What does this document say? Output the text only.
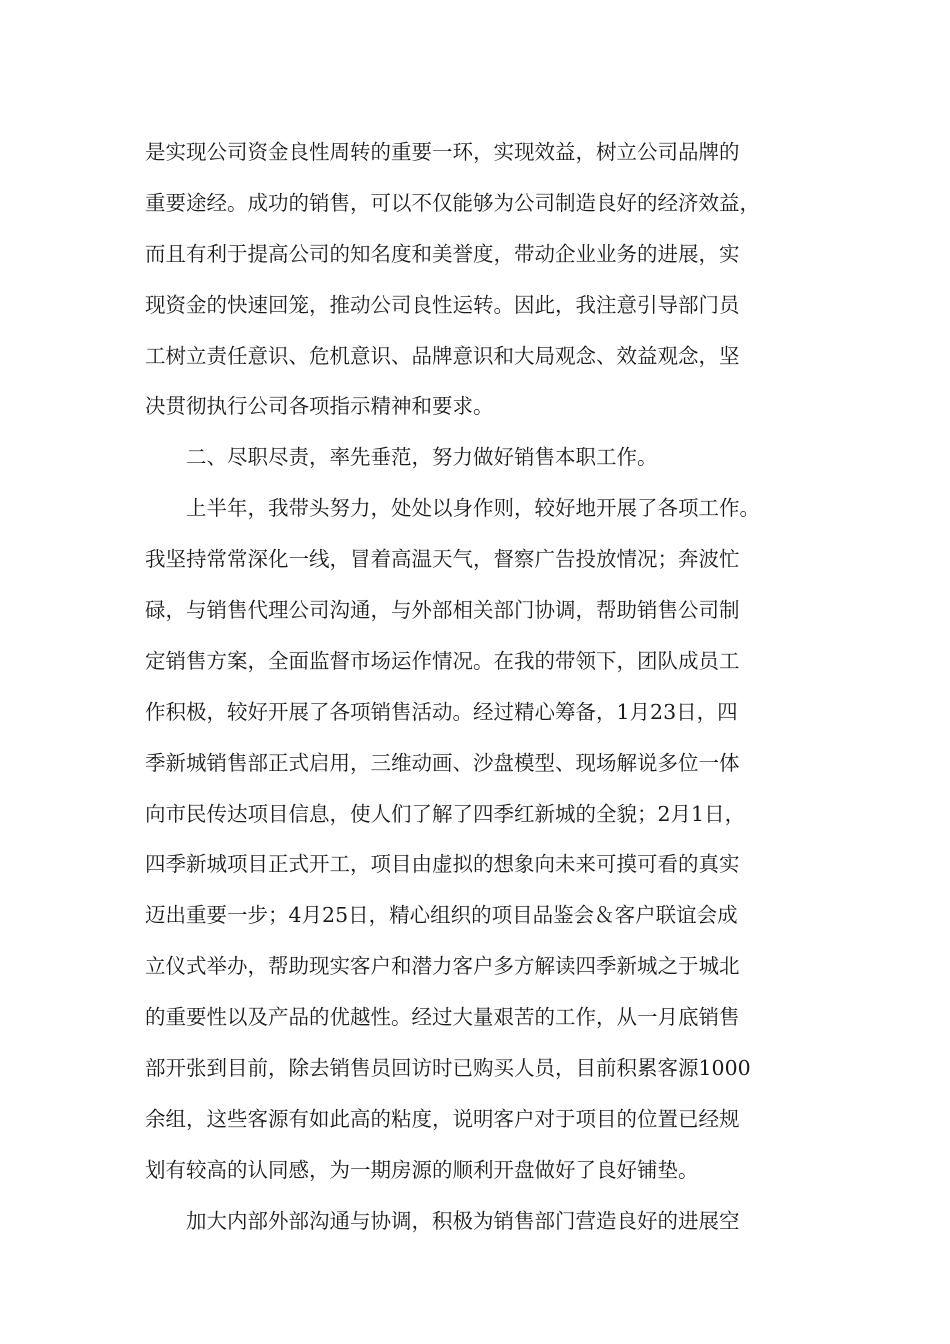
是实现公司资金良性周转的重要一环，实现效益，树立公司品牌的
重要途经。成功的销售，可以不仅能够为公司制造良好的经济效益，
而且有利于提高公司的知名度和美誉度，带动企业业务的进展，实
现资金的快速回笼，推动公司良性运转。因此，我注意引导部门员
工树立责任意识、危机意识、品牌意识和大局观念、效益观念，坚
决贯彻执行公司各项指示精神和要求。
二、尽职尽责，率先垂范，努力做好销售本职工作。
上半年，我带头努力，处处以身作则，较好地开展了各项工作。
我坚持常常深化一线，冒着高温天气，督察广告投放情况；奔波忙
碌，与销售代理公司沟通，与外部相关部门协调，帮助销售公司制
定销售方案，全面监督市场运作情况。在我的带领下，团队成员工
作积极，较好开展了各项销售活动。经过精心筹备，1月23日，四
季新城销售部正式启用，三维动画、沙盘模型、现场解说多位一体
向市民传达项目信息，使人们了解了四季红新城的全貌；2月1日，
四季新城项目正式开工，项目由虚拟的想象向未来可摸可看的真实
迈出重要一步；4月25日，精心组织的项目品鉴会＆客户联谊会成
立仪式举办，帮助现实客户和潜力客户多方解读四季新城之于城北
的重要性以及产品的优越性。经过大量艰苦的工作，从一月底销售
部开张到目前，除去销售员回访时已购买人员，目前积累客源1000
余组，这些客源有如此高的粘度，说明客户对于项目的位置已经规
划有较高的认同感，为一期房源的顺利开盘做好了良好铺垫。
加大内部外部沟通与协调，积极为销售部门营造良好的进展空
